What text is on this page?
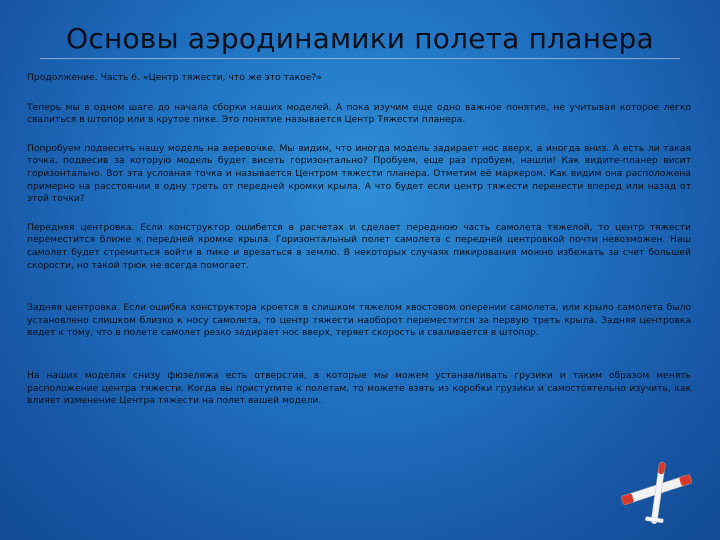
Основы аэродинамики полета планера

Продолжение. Часть 6. «Центр тяжести, что же это такое?»

Теперь мы в одном шаге до начала сборки наших моделей. А пока изучим еще одно важное понятие, не учитывая которое легко свалиться в штопор или в крутое пике. Это понятие называется Центр Тяжести планера.

Попробуем подвесить нашу модель на веревочке. Мы видим, что иногда модель задирает нос вверх, а иногда вниз. А есть ли такая точка, подвесив за которую модель будет висеть горизонтально? Пробуем, еще раз пробуем, нашли! Как видите-планер висит горизонтально. Вот эта условная точка и называется Центром тяжести планера. Отметим её маркером. Как видим она расположена примерно на расстоянии в одну треть от передней кромки крыла. А что будет если центр тяжести перенести вперед или назад от этой точки?

Передняя центровка. Если конструктор ошибется в расчетах и сделает переднюю часть самолета тяжелой, то центр тяжести переместится ближе к передней кромке крыла. Горизонтальный полет самолета с передней центровкой почти невозможен. Наш самолет будет стремиться войти в пике и врезаться в землю. В некоторых случаях пикирования можно избежать за счет большей скорости, но такой трюк не всегда помогает.

Задняя центровка. Если ошибка конструктора кроется в слишком тяжелом хвостовом оперении самолета, или крыло самолета было установлено слишком близко к носу самолета, то центр тяжести наоборот переместится за первую треть крыла. Задняя центровка ведет к тому, что в полете самолет резко задирает нос вверх, теряет скорость и сваливается в штопор.

На наших моделях снизу фюзеляжа есть отверстия, в которые мы можем устанавливать грузики и таким образом менять расположение центра тяжести. Когда вы приступите к полетам, то можете взять из коробки грузики и самостоятельно изучить, как влияет изменение Центра тяжести на полет вашей модели.
